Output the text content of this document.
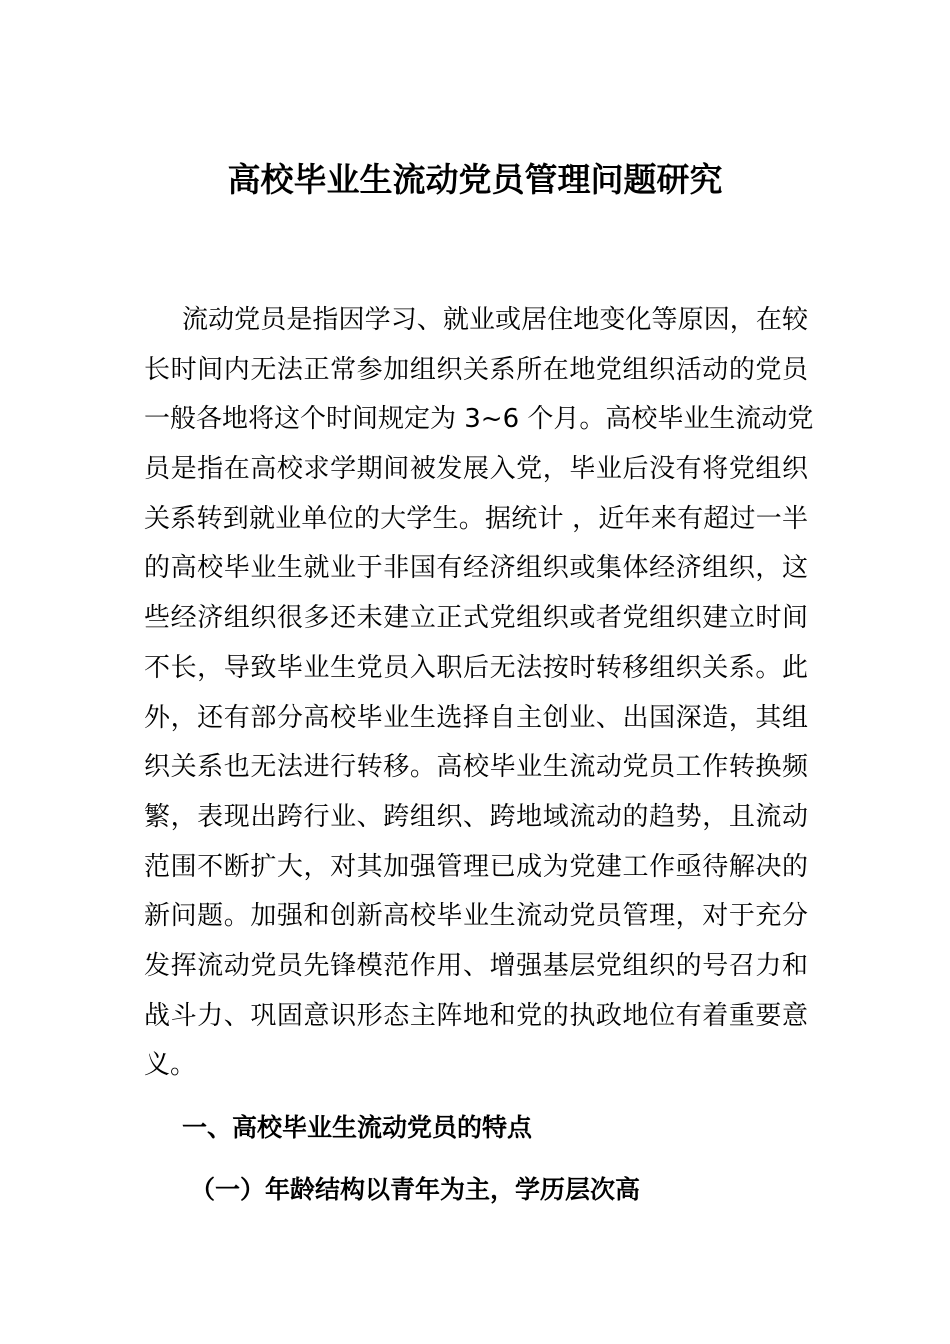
高校毕业生流动党员管理问题研究
流动党员是指因学习、就业或居住地变化等原因，在较
长时间内无法正常参加组织关系所在地党组织活动的党员
一般各地将这个时间规定为 3~6 个月。高校毕业生流动党
员是指在高校求学期间被发展入党，毕业后没有将党组织
关系转到就业单位的大学生。据统计 ，近年来有超过一半
的高校毕业生就业于非国有经济组织或集体经济组织，这
些经济组织很多还未建立正式党组织或者党组织建立时间
不长，导致毕业生党员入职后无法按时转移组织关系。此
外，还有部分高校毕业生选择自主创业、出国深造，其组
织关系也无法进行转移。高校毕业生流动党员工作转换频
繁，表现出跨行业、跨组织、跨地域流动的趋势，且流动
范围不断扩大，对其加强管理已成为党建工作亟待解决的
新问题。加强和创新高校毕业生流动党员管理，对于充分
发挥流动党员先锋模范作用、增强基层党组织的号召力和
战斗力、巩固意识形态主阵地和党的执政地位有着重要意
义。
一、高校毕业生流动党员的特点
（一）年龄结构以青年为主，学历层次高
